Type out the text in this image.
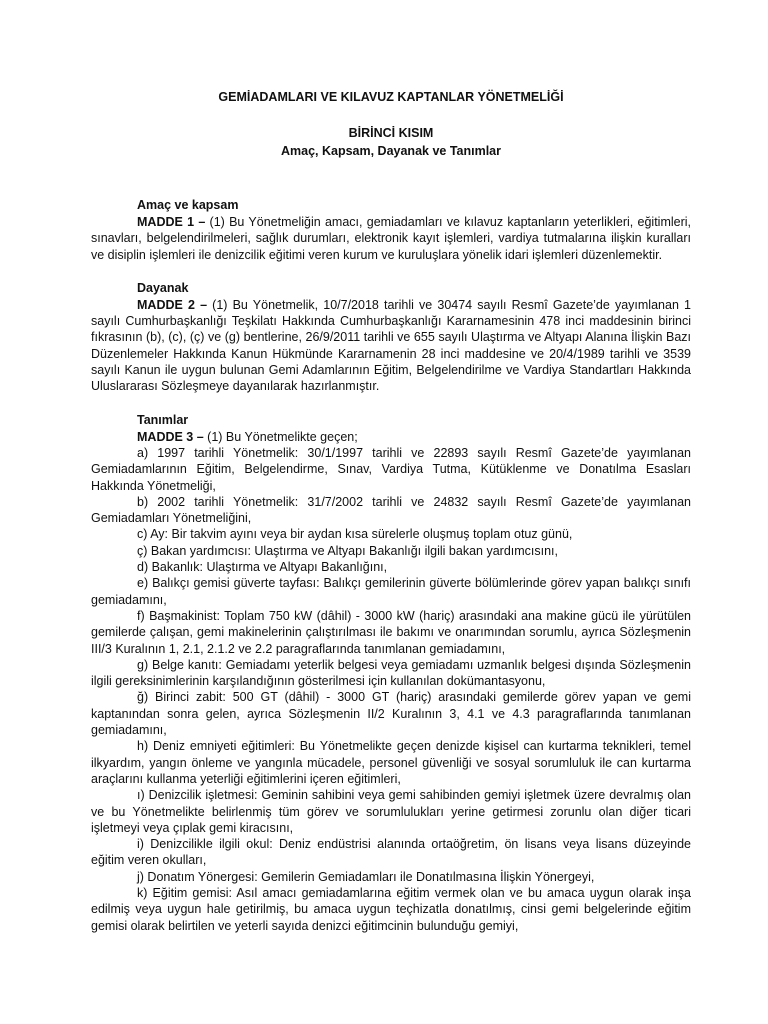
GEMİADAMLARI VE KILAVUZ KAPTANLAR YÖNETMELİĞİ
BİRİNCİ KISIM
Amaç, Kapsam, Dayanak ve Tanımlar
Amaç ve kapsam

MADDE 1 – (1) Bu Yönetmeliğin amacı, gemiadamları ve kılavuz kaptanların yeterlikleri, eğitimleri, sınavları, belgelendirilmeleri, sağlık durumları, elektronik kayıt işlemleri, vardiya tutmalarına ilişkin kuralları ve disiplin işlemleri ile denizcilik eğitimi veren kurum ve kuruluşlara yönelik idari işlemleri düzenlemektir.

Dayanak

MADDE 2 – (1) Bu Yönetmelik, 10/7/2018 tarihli ve 30474 sayılı Resmî Gazete’de yayımlanan 1 sayılı Cumhurbaşkanlığı Teşkilatı Hakkında Cumhurbaşkanlığı Kararnamesinin 478 inci maddesinin birinci fıkrasının (b), (c), (ç) ve (g) bentlerine, 26/9/2011 tarihli ve 655 sayılı Ulaştırma ve Altyapı Alanına İlişkin Bazı Düzenlemeler Hakkında Kanun Hükmünde Kararnamenin 28 inci maddesine ve 20/4/1989 tarihli ve 3539 sayılı Kanun ile uygun bulunan Gemi Adamlarının Eğitim, Belgelendirilme ve Vardiya Standartları Hakkında Uluslararası Sözleşmeye dayanılarak hazırlanmıştır.

Tanımlar

MADDE 3 – (1) Bu Yönetmelikte geçen;

a) 1997 tarihli Yönetmelik: 30/1/1997 tarihli ve 22893 sayılı Resmî Gazete’de yayımlanan Gemiadamlarının Eğitim, Belgelendirme, Sınav, Vardiya Tutma, Kütüklenme ve Donatılma Esasları Hakkında Yönetmeliği,

b) 2002 tarihli Yönetmelik: 31/7/2002 tarihli ve 24832 sayılı Resmî Gazete’de yayımlanan Gemiadamları Yönetmeliğini,

c) Ay: Bir takvim ayını veya bir aydan kısa sürelerle oluşmuş toplam otuz günü,

ç) Bakan yardımcısı: Ulaştırma ve Altyapı Bakanlığı ilgili bakan yardımcısını,

d) Bakanlık: Ulaştırma ve Altyapı Bakanlığını,

e) Balıkçı gemisi güverte tayfası: Balıkçı gemilerinin güverte bölümlerinde görev yapan balıkçı sınıfı gemiadamını,

f) Başmakinist: Toplam 750 kW (dâhil) - 3000 kW (hariç) arasındaki ana makine gücü ile yürütülen gemilerde çalışan, gemi makinelerinin çalıştırılması ile bakımı ve onarımından sorumlu, ayrıca Sözleşmenin III/3 Kuralının 1, 2.1, 2.1.2 ve 2.2 paragraflarında tanımlanan gemiadamını,

g) Belge kanıtı: Gemiadamı yeterlik belgesi veya gemiadamı uzmanlık belgesi dışında Sözleşmenin ilgili gereksinimlerinin karşılandığının gösterilmesi için kullanılan dokümantasyonu,

ğ) Birinci zabit: 500 GT (dâhil) - 3000 GT (hariç) arasındaki gemilerde görev yapan ve gemi kaptanından sonra gelen, ayrıca Sözleşmenin II/2 Kuralının 3, 4.1 ve 4.3 paragraflarında tanımlanan gemiadamını,

h) Deniz emniyeti eğitimleri: Bu Yönetmelikte geçen denizde kişisel can kurtarma teknikleri, temel ilkyardım, yangın önleme ve yangınla mücadele, personel güvenliği ve sosyal sorumluluk ile can kurtarma araçlarını kullanma yeterliği eğitimlerini içeren eğitimleri,

ı) Denizcilik işletmesi: Geminin sahibini veya gemi sahibinden gemiyi işletmek üzere devralmış olan ve bu Yönetmelikte belirlenmiş tüm görev ve sorumlulukları yerine getirmesi zorunlu olan diğer ticari işletmeyi veya çıplak gemi kiracısını,

i) Denizcilikle ilgili okul: Deniz endüstrisi alanında ortaöğretim, ön lisans veya lisans düzeyinde eğitim veren okulları,

j) Donatım Yönergesi: Gemilerin Gemiadamları ile Donatılmasına İlişkin Yönergeyi,

k) Eğitim gemisi: Asıl amacı gemiadamlarına eğitim vermek olan ve bu amaca uygun olarak inşa edilmiş veya uygun hale getirilmiş, bu amaca uygun teçhizatla donatılmış, cinsi gemi belgelerinde eğitim gemisi olarak belirtilen ve yeterli sayıda denizci eğitimcinin bulunduğu gemiyi,
